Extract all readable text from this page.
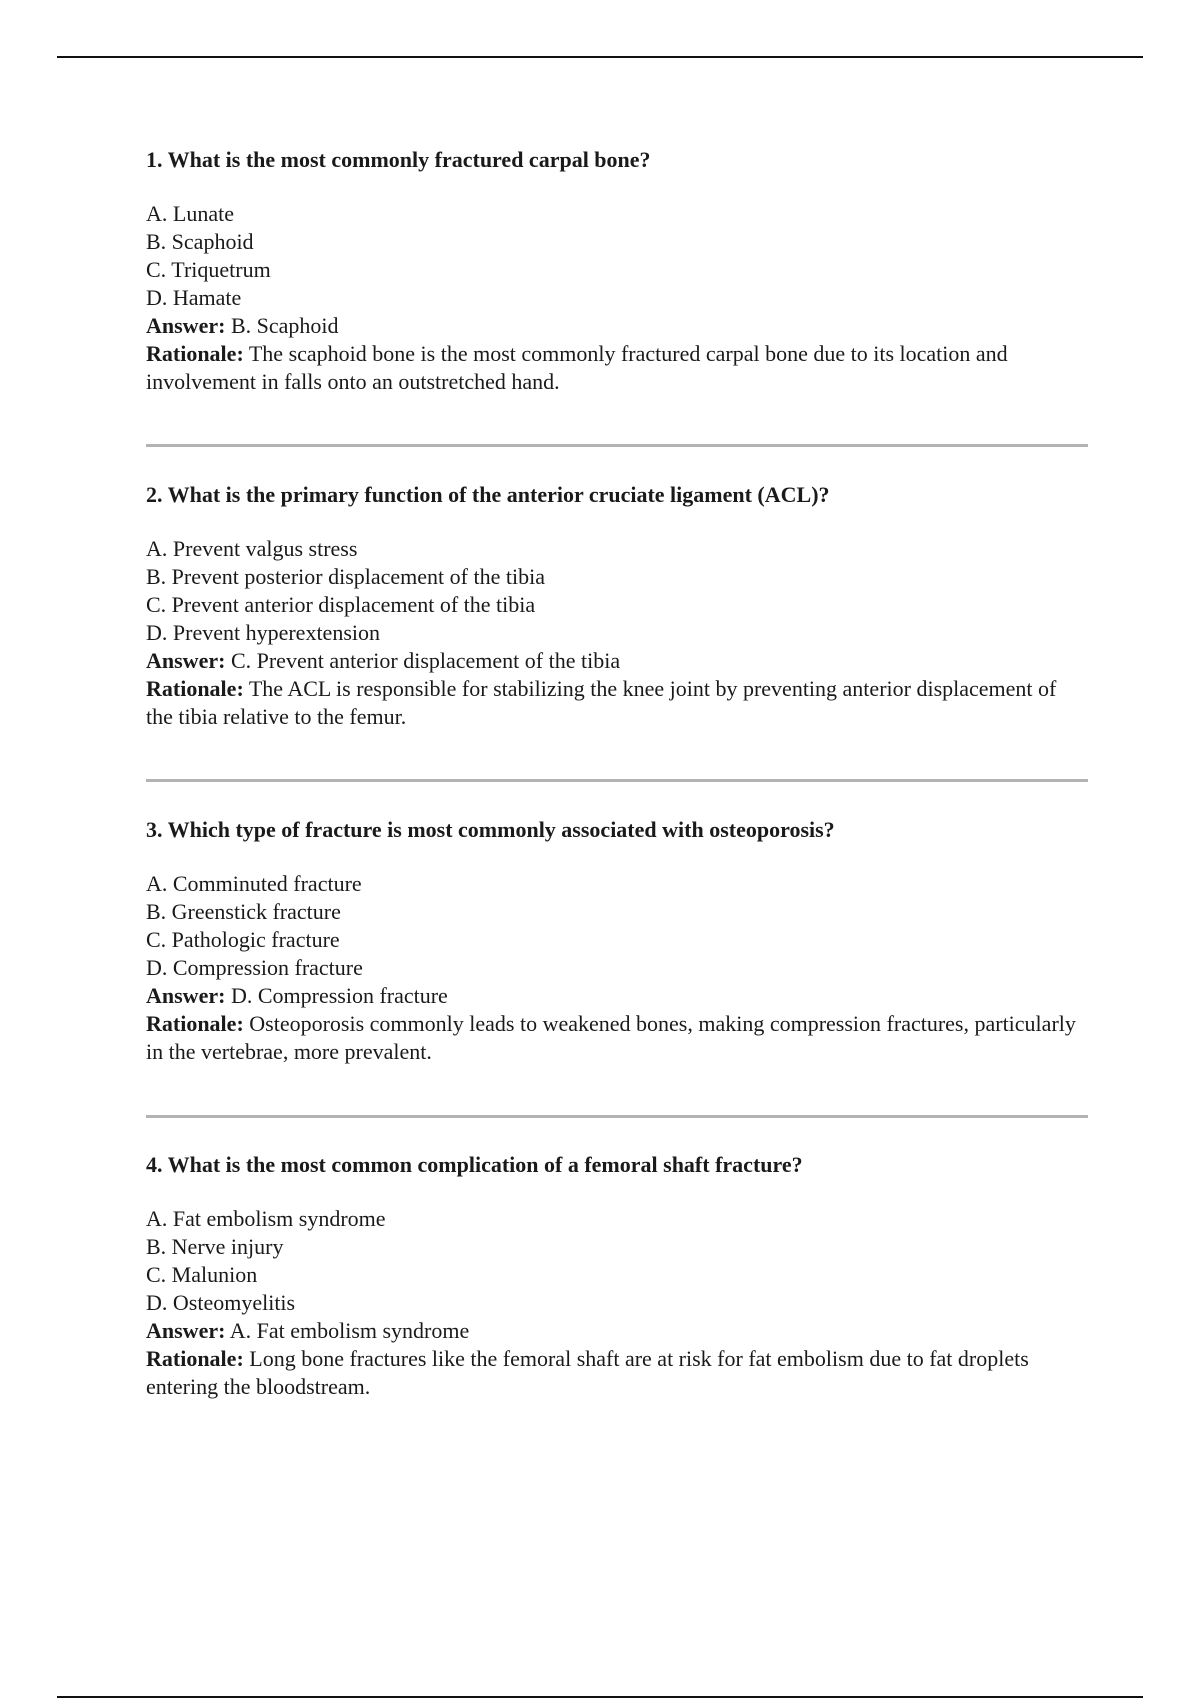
1. What is the most commonly fractured carpal bone?

A. Lunate

B. Scaphoid

C. Triquetrum

D. Hamate

Answer: B. Scaphoid

Rationale: The scaphoid bone is the most commonly fractured carpal bone due to its location and involvement in falls onto an outstretched hand.

2. What is the primary function of the anterior cruciate ligament (ACL)?

A. Prevent valgus stress

B. Prevent posterior displacement of the tibia

C. Prevent anterior displacement of the tibia

D. Prevent hyperextension

Answer: C. Prevent anterior displacement of the tibia

Rationale: The ACL is responsible for stabilizing the knee joint by preventing anterior displacement of the tibia relative to the femur.

3. Which type of fracture is most commonly associated with osteoporosis?

A. Comminuted fracture

B. Greenstick fracture

C. Pathologic fracture

D. Compression fracture

Answer: D. Compression fracture

Rationale: Osteoporosis commonly leads to weakened bones, making compression fractures, particularly in the vertebrae, more prevalent.

4. What is the most common complication of a femoral shaft fracture?

A. Fat embolism syndrome

B. Nerve injury

C. Malunion

D. Osteomyelitis

Answer: A. Fat embolism syndrome

Rationale: Long bone fractures like the femoral shaft are at risk for fat embolism due to fat droplets entering the bloodstream.
